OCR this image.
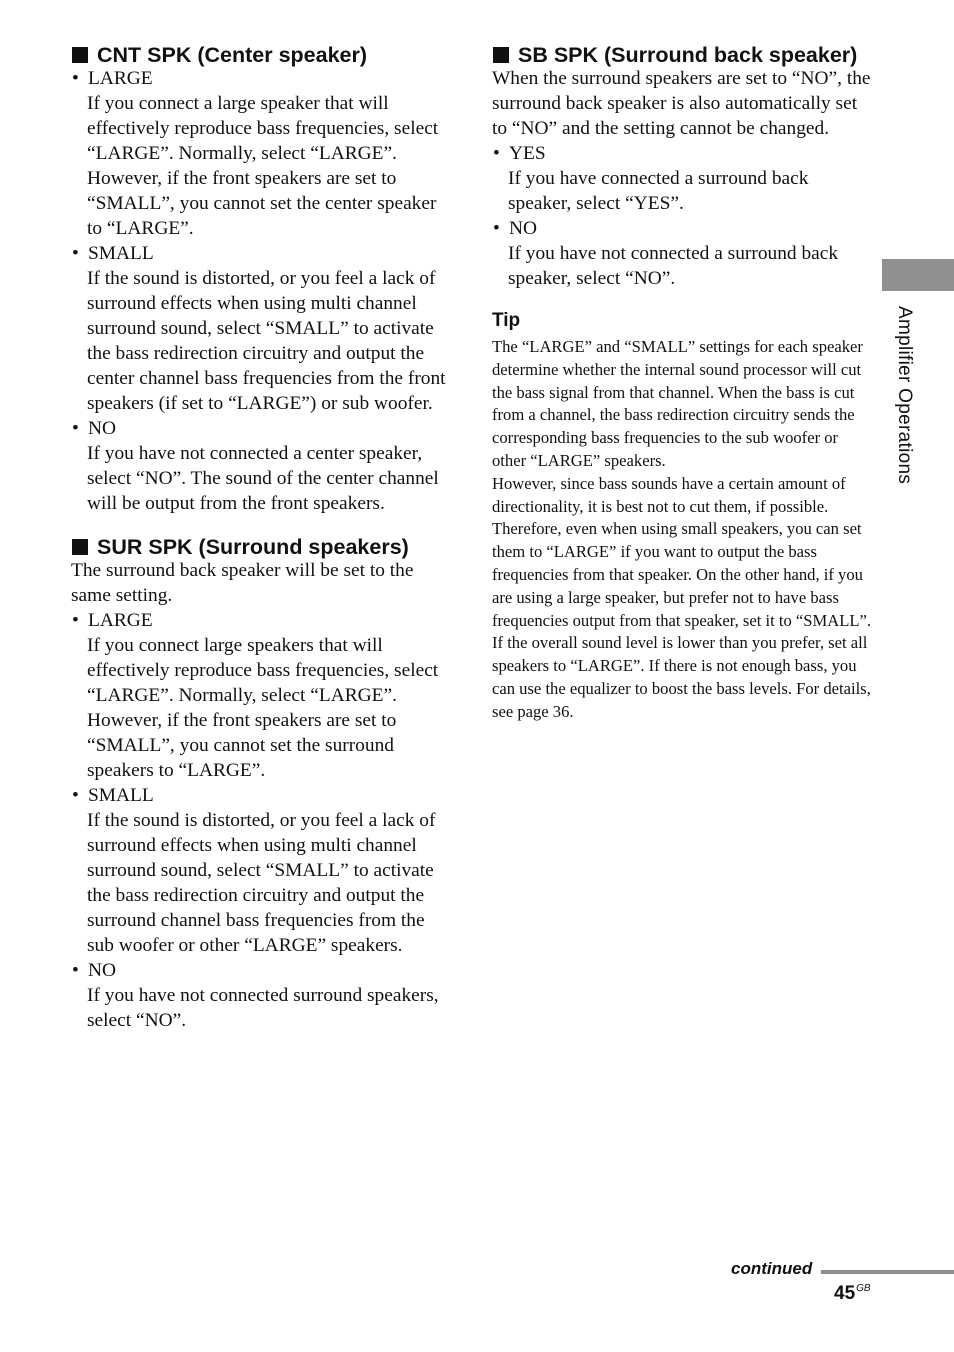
CNT SPK (Center speaker)

• LARGE

If you connect a large speaker that will effectively reproduce bass frequencies, select “LARGE”. Normally, select “LARGE”. However, if the front speakers are set to “SMALL”, you cannot set the center speaker to “LARGE”.

• SMALL

If the sound is distorted, or you feel a lack of surround effects when using multi channel surround sound, select “SMALL” to activate the bass redirection circuitry and output the center channel bass frequencies from the front speakers (if set to “LARGE”) or sub woofer.

• NO

If you have not connected a center speaker, select “NO”. The sound of the center channel will be output from the front speakers.

SUR SPK (Surround speakers)

The surround back speaker will be set to the same setting.

• LARGE

If you connect large speakers that will effectively reproduce bass frequencies, select “LARGE”. Normally, select “LARGE”. However, if the front speakers are set to “SMALL”, you cannot set the surround speakers to “LARGE”.

• SMALL

If the sound is distorted, or you feel a lack of surround effects when using multi channel surround sound, select “SMALL” to activate the bass redirection circuitry and output the surround channel bass frequencies from the sub woofer or other “LARGE” speakers.

• NO

If you have not connected surround speakers, select “NO”.

SB SPK (Surround back speaker)

When the surround speakers are set to “NO”, the surround back speaker is also automatically set to “NO” and the setting cannot be changed.

• YES

If you have connected a surround back speaker, select “YES”.

• NO

If you have not connected a surround back speaker, select “NO”.

Tip

The “LARGE” and “SMALL” settings for each speaker determine whether the internal sound processor will cut the bass signal from that channel. When the bass is cut from a channel, the bass redirection circuitry sends the corresponding bass frequencies to the sub woofer or other “LARGE” speakers.

However, since bass sounds have a certain amount of directionality, it is best not to cut them, if possible. Therefore, even when using small speakers, you can set them to “LARGE” if you want to output the bass frequencies from that speaker. On the other hand, if you are using a large speaker, but prefer not to have bass frequencies output from that speaker, set it to “SMALL”.

If the overall sound level is lower than you prefer, set all speakers to “LARGE”. If there is not enough bass, you can use the equalizer to boost the bass levels. For details, see page 36.

Amplifier Operations
continued
$45^{GB}$
